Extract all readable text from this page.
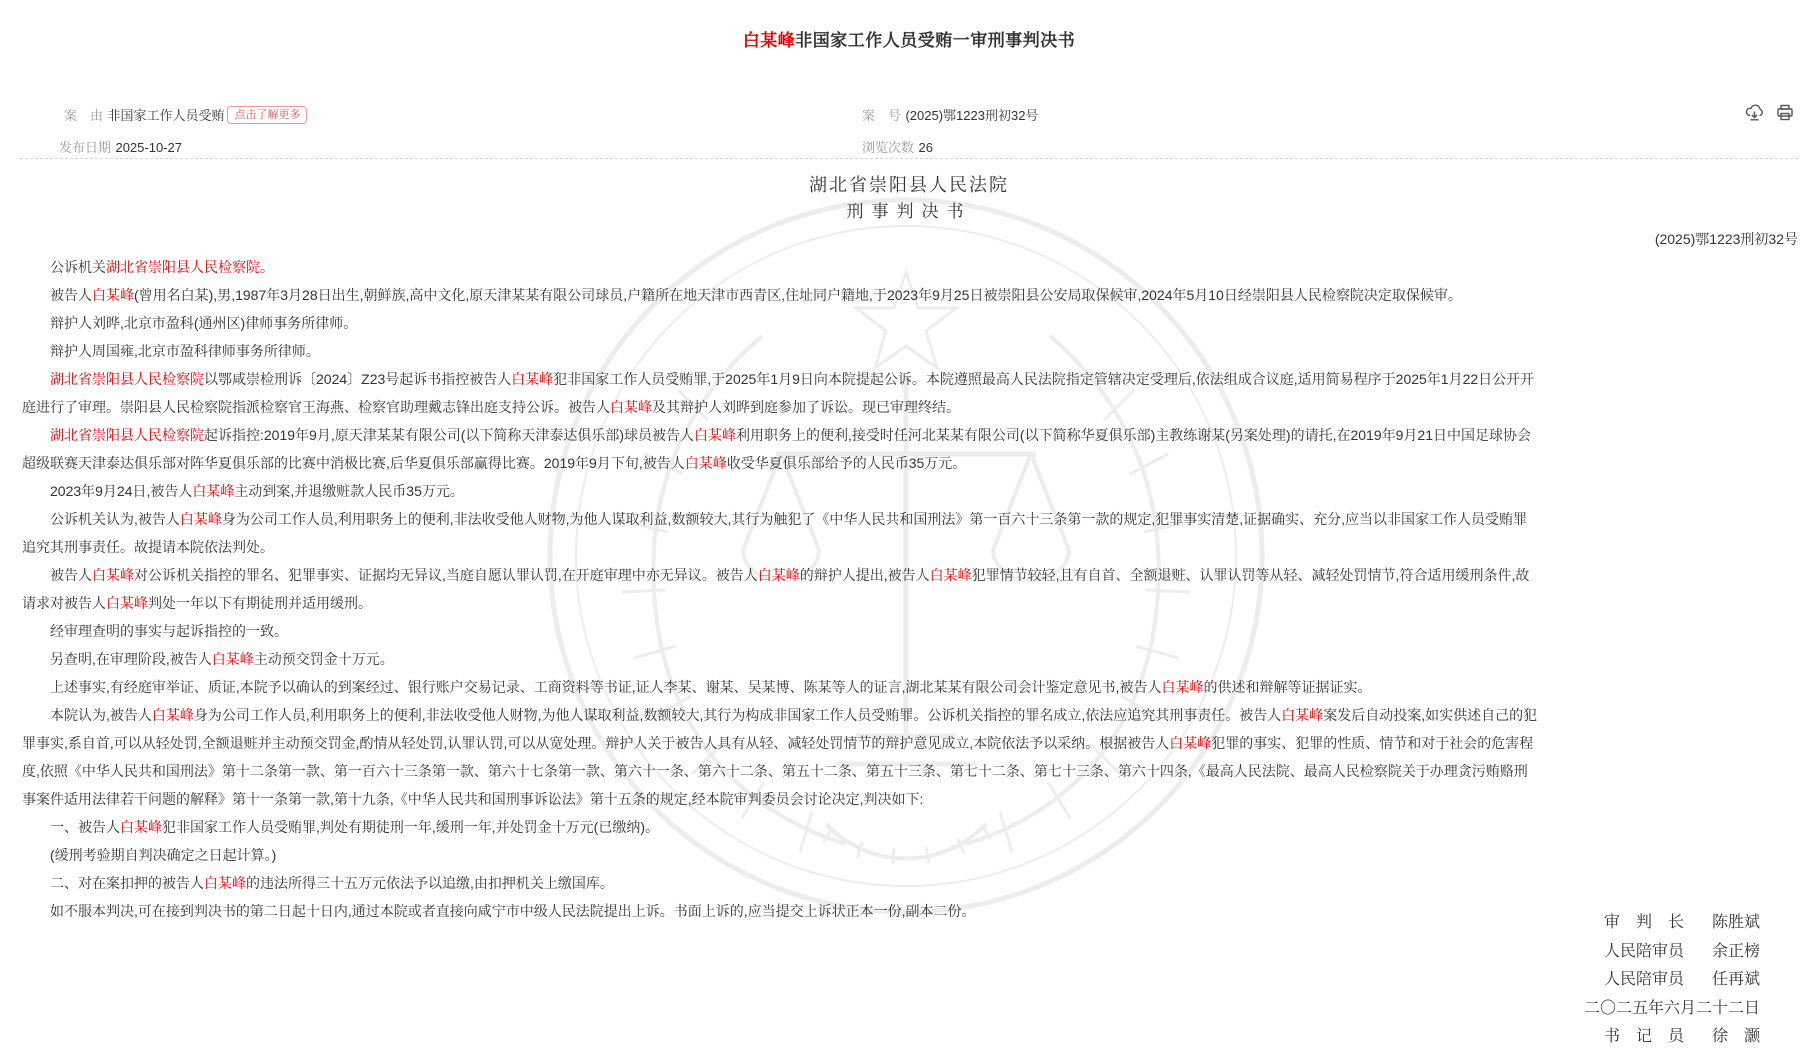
白某峰非国家工作人员受贿一审刑事判决书
案　由 非国家工作人员受贿 点击了解更多	案　号 (2025)鄂1223刑初32号
发布日期 2025-10-27	浏览次数 26

湖北省崇阳县人民法院
刑事判决书
(2025)鄂1223刑初32号

公诉机关湖北省崇阳县人民检察院。

被告人白某峰(曾用名白某),男,1987年3月28日出生,朝鲜族,高中文化,原天津某某有限公司球员,户籍所在地天津市西青区,住址同户籍地,于2023年9月25日被崇阳县公安局取保候审,2024年5月10日经崇阳县人民检察院决定取保候审。

辩护人刘晔,北京市盈科(通州区)律师事务所律师。

辩护人周国雍,北京市盈科律师事务所律师。

湖北省崇阳县人民检察院以鄂咸崇检刑诉〔2024〕Z23号起诉书指控被告人白某峰犯非国家工作人员受贿罪,于2025年1月9日向本院提起公诉。本院遵照最高人民法院指定管辖决定受理后,依法组成合议庭,适用简易程序于2025年1月22日公开开庭进行了审理。崇阳县人民检察院指派检察官王海燕、检察官助理戴志锋出庭支持公诉。被告人白某峰及其辩护人刘晔到庭参加了诉讼。现已审理终结。

湖北省崇阳县人民检察院起诉指控:2019年9月,原天津某某有限公司(以下简称天津泰达俱乐部)球员被告人白某峰利用职务上的便利,接受时任河北某某有限公司(以下简称华夏俱乐部)主教练谢某(另案处理)的请托,在2019年9月21日中国足球协会超级联赛天津泰达俱乐部对阵华夏俱乐部的比赛中消极比赛,后华夏俱乐部赢得比赛。2019年9月下旬,被告人白某峰收受华夏俱乐部给予的人民币35万元。

2023年9月24日,被告人白某峰主动到案,并退缴赃款人民币35万元。

公诉机关认为,被告人白某峰身为公司工作人员,利用职务上的便利,非法收受他人财物,为他人谋取利益,数额较大,其行为触犯了《中华人民共和国刑法》第一百六十三条第一款的规定,犯罪事实清楚,证据确实、充分,应当以非国家工作人员受贿罪追究其刑事责任。故提请本院依法判处。

被告人白某峰对公诉机关指控的罪名、犯罪事实、证据均无异议,当庭自愿认罪认罚,在开庭审理中亦无异议。被告人白某峰的辩护人提出,被告人白某峰犯罪情节较轻,且有自首、全额退赃、认罪认罚等从轻、减轻处罚情节,符合适用缓刑条件,故请求对被告人白某峰判处一年以下有期徒刑并适用缓刑。

经审理查明的事实与起诉指控的一致。

另查明,在审理阶段,被告人白某峰主动预交罚金十万元。

上述事实,有经庭审举证、质证,本院予以确认的到案经过、银行账户交易记录、工商资料等书证,证人李某、谢某、吴某博、陈某等人的证言,湖北某某有限公司会计鉴定意见书,被告人白某峰的供述和辩解等证据证实。

本院认为,被告人白某峰身为公司工作人员,利用职务上的便利,非法收受他人财物,为他人谋取利益,数额较大,其行为构成非国家工作人员受贿罪。公诉机关指控的罪名成立,依法应追究其刑事责任。被告人白某峰案发后自动投案,如实供述自己的犯罪事实,系自首,可以从轻处罚,全额退赃并主动预交罚金,酌情从轻处罚,认罪认罚,可以从宽处理。辩护人关于被告人具有从轻、减轻处罚情节的辩护意见成立,本院依法予以采纳。根据被告人白某峰犯罪的事实、犯罪的性质、情节和对于社会的危害程度,依照《中华人民共和国刑法》第十二条第一款、第一百六十三条第一款、第六十七条第一款、第六十一条、第六十二条、第五十二条、第五十三条、第七十二条、第七十三条、第六十四条,《最高人民法院、最高人民检察院关于办理贪污贿赂刑事案件适用法律若干问题的解释》第十一条第一款,第十九条,《中华人民共和国刑事诉讼法》第十五条的规定,经本院审判委员会讨论决定,判决如下:

一、被告人白某峰犯非国家工作人员受贿罪,判处有期徒刑一年,缓刑一年,并处罚金十万元(已缴纳)。

(缓刑考验期自判决确定之日起计算。)

二、对在案扣押的被告人白某峰的违法所得三十五万元依法予以追缴,由扣押机关上缴国库。

如不服本判决,可在接到判决书的第二日起十日内,通过本院或者直接向咸宁市中级人民法院提出上诉。书面上诉的,应当提交上诉状正本一份,副本二份。

审　判　长 陈胜斌
人民陪审员 余正榜
人民陪审员 任再斌
二〇二五年六月二十二日
书　记　员 徐　灏
